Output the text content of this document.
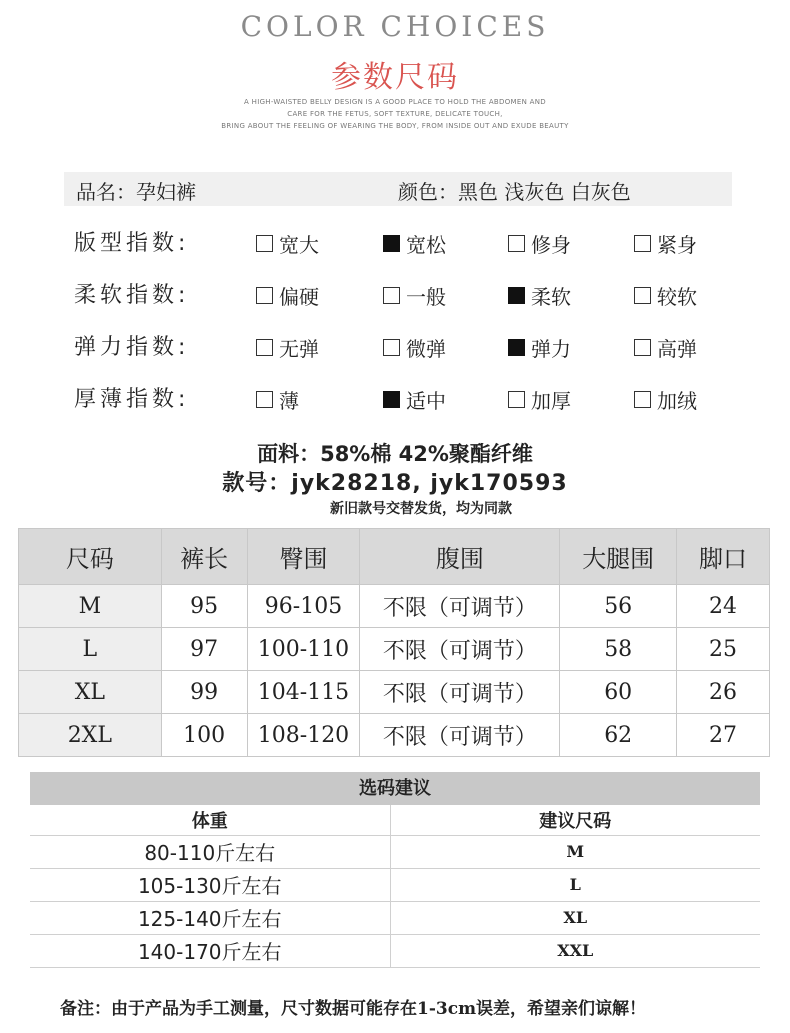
COLOR CHOICES
参数尺码
A HIGH-WAISTED BELLY DESIGN IS A GOOD PLACE TO HOLD THE ABDOMEN AND
CARE FOR THE FETUS, SOFT TEXTURE, DELICATE TOUCH,
BRING ABOUT THE FEELING OF WEARING THE BODY, FROM INSIDE OUT AND EXUDE BEAUTY
品名：孕妇裤	颜色：黑色 浅灰色 白灰色
版型指数:	宽大	宽松	修身	紧身
柔软指数:	偏硬	一般	柔软	较软
弹力指数:	无弹	微弹	弹力	高弹
厚薄指数:	薄	适中	加厚	加绒
面料：58%棉 42%聚酯纤维
款号：jyk28218, jyk170593
新旧款号交替发货，均为同款
尺码	裤长	臀围	腹围	大腿围	脚口
M	95	96-105	不限（可调节）	56	24
L	97	100-110	不限（可调节）	58	25
XL	99	104-115	不限（可调节）	60	26
2XL	100	108-120	不限（可调节）	62	27
选码建议
体重	建议尺码
80-110斤左右	M
105-130斤左右	L
125-140斤左右	XL
140-170斤左右	XXL
备注：由于产品为手工测量，尺寸数据可能存在1-3cm误差，希望亲们谅解！
